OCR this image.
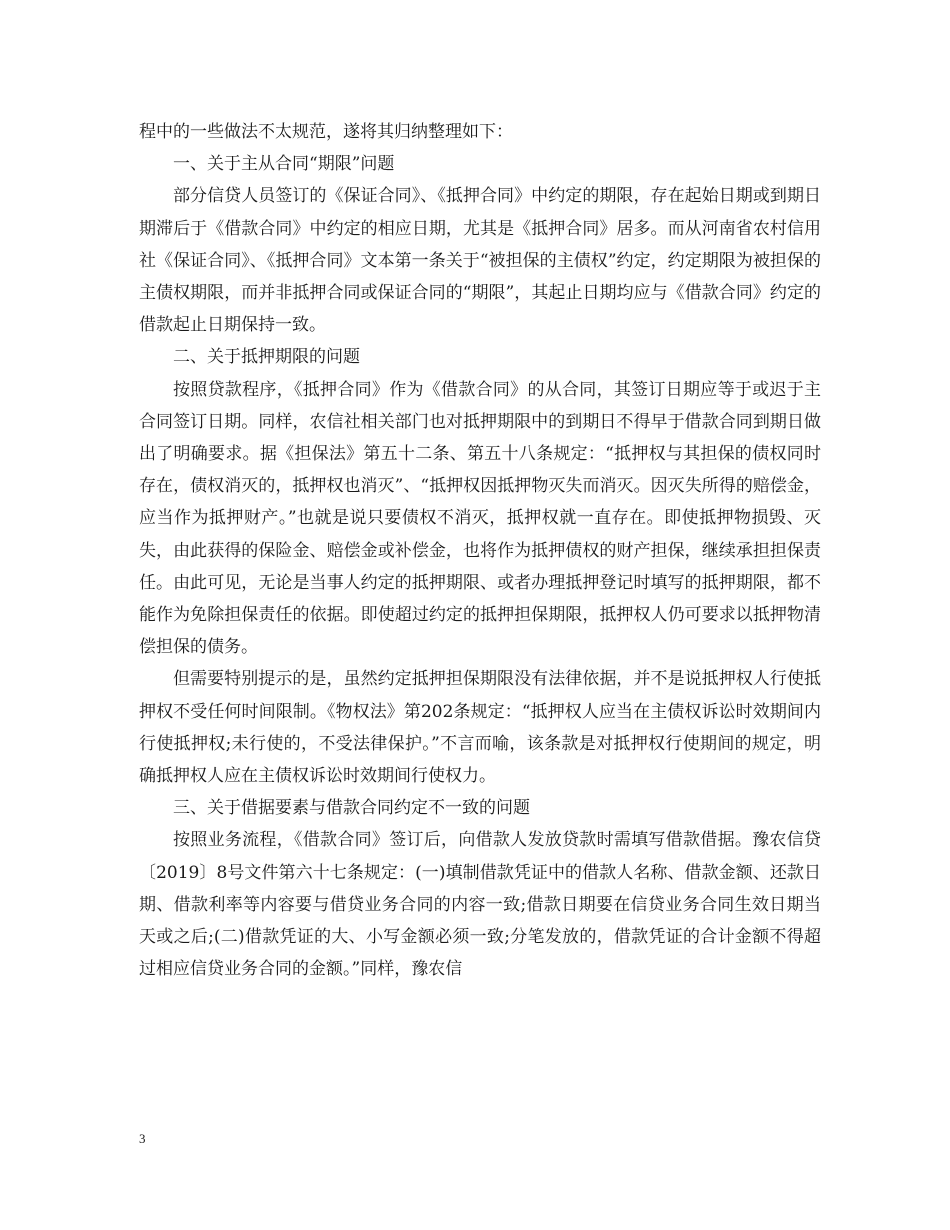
程中的一些做法不太规范，遂将其归纳整理如下：

一、关于主从合同“期限”问题

部分信贷人员签订的《保证合同》、《抵押合同》中约定的期限，存在起始日期或到期日期滞后于《借款合同》中约定的相应日期，尤其是《抵押合同》居多。而从河南省农村信用社《保证合同》、《抵押合同》文本第一条关于“被担保的主债权”约定，约定期限为被担保的主债权期限，而并非抵押合同或保证合同的“期限”，其起止日期均应与《借款合同》约定的借款起止日期保持一致。

二、关于抵押期限的问题

按照贷款程序，《抵押合同》作为《借款合同》的从合同，其签订日期应等于或迟于主合同签订日期。同样，农信社相关部门也对抵押期限中的到期日不得早于借款合同到期日做出了明确要求。据《担保法》第五十二条、第五十八条规定：“抵押权与其担保的债权同时存在，债权消灭的，抵押权也消灭”、“抵押权因抵押物灭失而消灭。因灭失所得的赔偿金，应当作为抵押财产。”也就是说只要债权不消灭，抵押权就一直存在。即使抵押物损毁、灭失，由此获得的保险金、赔偿金或补偿金，也将作为抵押债权的财产担保，继续承担担保责任。由此可见，无论是当事人约定的抵押期限、或者办理抵押登记时填写的抵押期限，都不能作为免除担保责任的依据。即使超过约定的抵押担保期限，抵押权人仍可要求以抵押物清偿担保的债务。

但需要特别提示的是，虽然约定抵押担保期限没有法律依据，并不是说抵押权人行使抵押权不受任何时间限制。《物权法》第202条规定：“抵押权人应当在主债权诉讼时效期间内行使抵押权;未行使的，不受法律保护。”不言而喻，该条款是对抵押权行使期间的规定，明确抵押权人应在主债权诉讼时效期间行使权力。

三、关于借据要素与借款合同约定不一致的问题

按照业务流程，《借款合同》签订后，向借款人发放贷款时需填写借款借据。豫农信贷〔2019〕8号文件第六十七条规定：(一)填制借款凭证中的借款人名称、借款金额、还款日期、借款利率等内容要与借贷业务合同的内容一致;借款日期要在信贷业务合同生效日期当天或之后;(二)借款凭证的大、小写金额必须一致;分笔发放的，借款凭证的合计金额不得超过相应信贷业务合同的金额。”同样，豫农信

3
